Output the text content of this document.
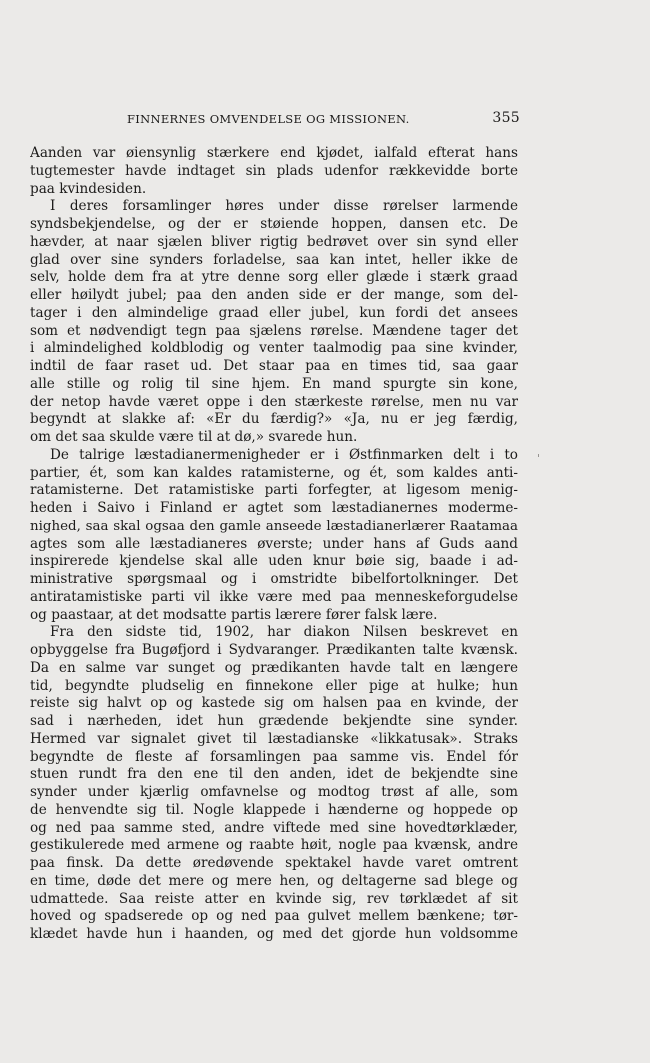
FINNERNES OMVENDELSE OG MISSIONEN.	355
Aanden var øiensynlig stærkere end kjødet, ialfald efterat hans
tugtemester havde indtaget sin plads udenfor rækkevidde borte
paa kvindesiden.
I deres forsamlinger høres under disse rørelser larmende
syndsbekjendelse, og der er støiende hoppen, dansen etc. De
hævder, at naar sjælen bliver rigtig bedrøvet over sin synd eller
glad over sine synders forladelse, saa kan intet, heller ikke de
selv, holde dem fra at ytre denne sorg eller glæde i stærk graad
eller høilydt jubel; paa den anden side er der mange, som del-
tager i den almindelige graad eller jubel, kun fordi det ansees
som et nødvendigt tegn paa sjælens rørelse. Mændene tager det
i almindelighed koldblodig og venter taalmodig paa sine kvinder,
indtil de faar raset ud. Det staar paa en times tid, saa gaar
alle stille og rolig til sine hjem. En mand spurgte sin kone,
der netop havde været oppe i den stærkeste rørelse, men nu var
begyndt at slakke af: «Er du færdig?» «Ja, nu er jeg færdig,
om det saa skulde være til at dø,» svarede hun.
De talrige læstadianermenigheder er i Østfinmarken delt i to
partier, ét, som kan kaldes ratamisterne, og ét, som kaldes anti-
ratamisterne. Det ratamistiske parti forfegter, at ligesom menig-
heden i Saivo i Finland er agtet som læstadianernes moderme-
nighed, saa skal ogsaa den gamle anseede læstadianerlærer Raatamaa
agtes som alle læstadianeres øverste; under hans af Guds aand
inspirerede kjendelse skal alle uden knur bøie sig, baade i ad-
ministrative spørgsmaal og i omstridte bibelfortolkninger. Det
antiratamistiske parti vil ikke være med paa menneskeforgudelse
og paastaar, at det modsatte partis lærere fører falsk lære.
Fra den sidste tid, 1902, har diakon Nilsen beskrevet en
opbyggelse fra Bugøfjord i Sydvaranger. Prædikanten talte kvænsk.
Da en salme var sunget og prædikanten havde talt en længere
tid, begyndte pludselig en finnekone eller pige at hulke; hun
reiste sig halvt op og kastede sig om halsen paa en kvinde, der
sad i nærheden, idet hun grædende bekjendte sine synder.
Hermed var signalet givet til læstadianske «likkatusak». Straks
begyndte de fleste af forsamlingen paa samme vis. Endel fór
stuen rundt fra den ene til den anden, idet de bekjendte sine
synder under kjærlig omfavnelse og modtog trøst af alle, som
de henvendte sig til. Nogle klappede i hænderne og hoppede op
og ned paa samme sted, andre viftede med sine hovedtørklæder,
gestikulerede med armene og raabte høit, nogle paa kvænsk, andre
paa finsk. Da dette øredøvende spektakel havde varet omtrent
en time, døde det mere og mere hen, og deltagerne sad blege og
udmattede. Saa reiste atter en kvinde sig, rev tørklædet af sit
hoved og spadserede op og ned paa gulvet mellem bænkene; tør-
klædet havde hun i haanden, og med det gjorde hun voldsomme
'
